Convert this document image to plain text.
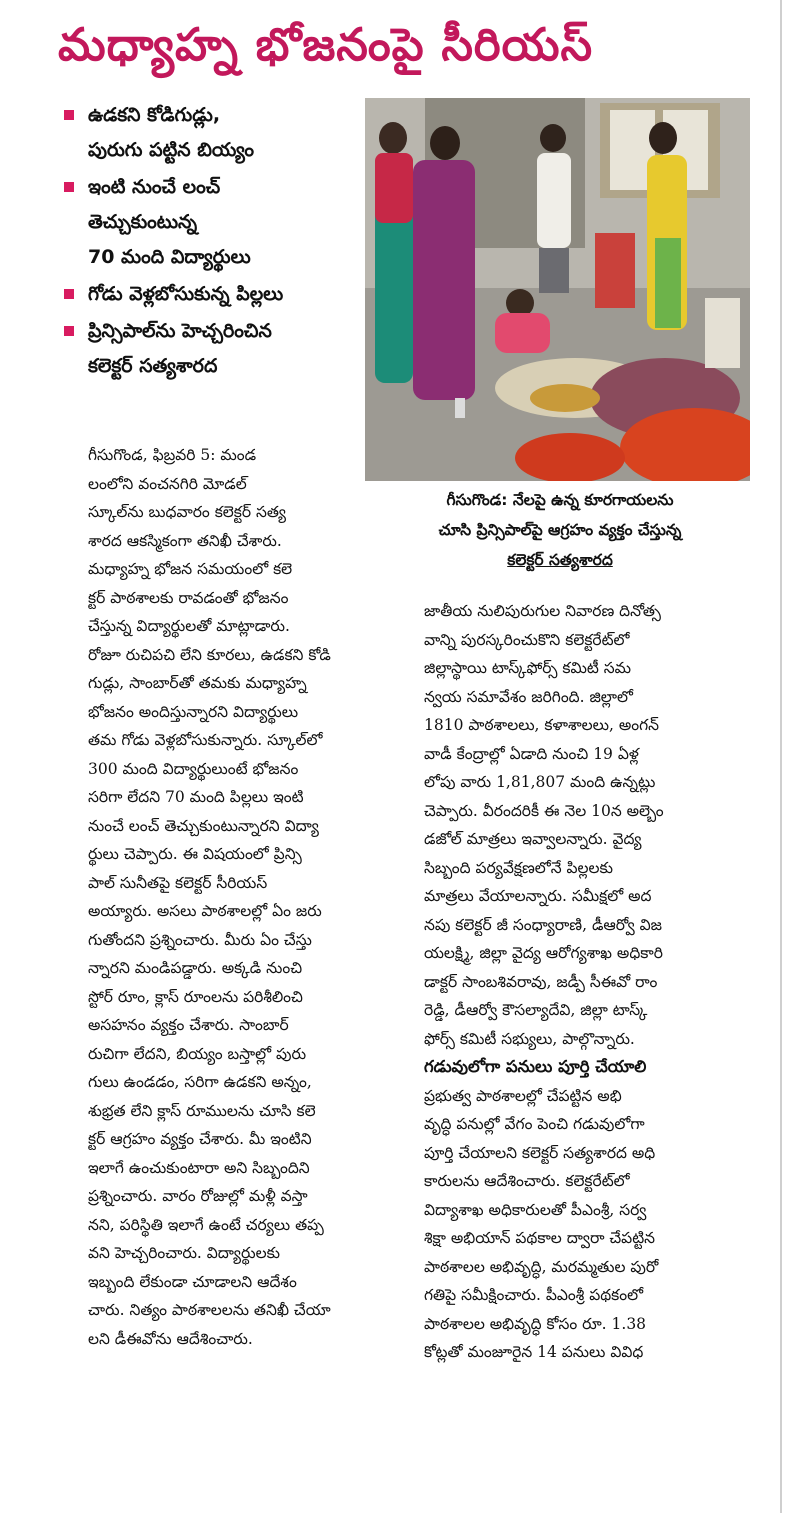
మధ్యాహ్న భోజనంపై సీరియస్‌
ఉడకని కోడిగుడ్లు,
పురుగు పట్టిన బియ్యం
ఇంటి నుంచే లంచ్‌
తెచ్చుకుంటున్న
70 మంది విద్యార్థులు
గోడు వెళ్లబోసుకున్న పిల్లలు
ప్రిన్సిపాల్‌ను హెచ్చరించిన
కలెక్టర్‌ సత్యశారద
గీసుగొండ: నేలపై ఉన్న కూరగాయలను
చూసి ప్రిన్సిపాల్‌పై ఆగ్రహం వ్యక్తం చేస్తున్న
కలెక్టర్‌ సత్యశారద
గీసుగొండ, ఫిబ్రవరి 5: మండ
లంలోని వంచనగిరి మోడల్‌
స్కూల్‌ను బుధవారం కలెక్టర్‌ సత్య
శారద ఆకస్మికంగా తనిఖీ చేశారు.
మధ్యాహ్న భోజన సమయంలో కలె
క్టర్‌ పాఠశాలకు రావడంతో భోజనం
చేస్తున్న విద్యార్థులతో మాట్లాడారు.
రోజూ రుచిపచి లేని కూరలు, ఉడకని కోడి
గుడ్లు, సాంబార్‌తో తమకు మధ్యాహ్న
భోజనం అందిస్తున్నారని విద్యార్థులు
తమ గోడు వెళ్లబోసుకున్నారు. స్కూల్‌లో
300 మంది విద్యార్థులుంటే భోజనం
సరిగా లేదని 70 మంది పిల్లలు ఇంటి
నుంచే లంచ్‌ తెచ్చుకుంటున్నారని విద్యా
ర్థులు చెప్పారు. ఈ విషయంలో ప్రిన్సి
పాల్‌ సునీతపై కలెక్టర్‌ సీరియస్‌
అయ్యారు. అసలు పాఠశాలల్లో ఏం జరు
గుతోందని ప్రశ్నించారు. మీరు ఏం చేస్తు
న్నారని మండిపడ్డారు. అక్కడి నుంచి
స్టోర్‌ రూం, క్లాస్‌ రూంలను పరిశీలించి
అసహనం వ్యక్తం చేశారు. సాంబార్‌
రుచిగా లేదని, బియ్యం బస్తాల్లో పురు
గులు ఉండడం, సరిగా ఉడకని అన్నం,
శుభ్రత లేని క్లాస్‌ రూములను చూసి కలె
క్టర్‌ ఆగ్రహం వ్యక్తం చేశారు. మీ ఇంటిని
ఇలాగే ఉంచుకుంటారా అని సిబ్బందిని
ప్రశ్నించారు. వారం రోజుల్లో మళ్లీ వస్తా
నని, పరిస్థితి ఇలాగే ఉంటే చర్యలు తప్ప
వని హెచ్చరించారు. విద్యార్థులకు
ఇబ్బంది లేకుండా చూడాలని ఆదేశం
చారు. నిత్యం పాఠశాలలను తనిఖీ చేయా
లని డీఈవోను ఆదేశించారు.
జాతీయ నులిపురుగుల నివారణ దినోత్స
వాన్ని పురస్కరించుకొని కలెక్టరేట్‌లో
జిల్లాస్థాయి టాస్క్‌ఫోర్స్‌ కమిటీ సమ
న్వయ సమావేశం జరిగింది. జిల్లాలో
1810 పాఠశాలలు, కళాశాలలు, అంగన్‌
వాడీ కేంద్రాల్లో ఏడాది నుంచి 19 ఏళ్ల
లోపు వారు 1,81,807 మంది ఉన్నట్లు
చెప్పారు. వీరందరికీ ఈ నెల 10న అల్బెం
డజోల్‌ మాత్రలు ఇవ్వాలన్నారు. వైద్య
సిబ్బంది పర్యవేక్షణలోనే పిల్లలకు
మాత్రలు వేయాలన్నారు. సమీక్షలో అద
నపు కలెక్టర్‌ జీ సంధ్యారాణి, డీఆర్వో విజ
యలక్ష్మి, జిల్లా వైద్య ఆరోగ్యశాఖ అధికారి
డాక్టర్‌ సాంబశివరావు, జడ్పీ సీఈవో రాం
రెడ్డి, డీఆర్వో కౌసల్యాదేవి, జిల్లా టాస్క్‌
ఫోర్స్‌ కమిటీ సభ్యులు, పాల్గొన్నారు.
గడువులోగా పనులు పూర్తి చేయాలి
ప్రభుత్వ పాఠశాలల్లో చేపట్టిన అభి
వృద్ధి పనుల్లో వేగం పెంచి గడువులోగా
పూర్తి చేయాలని కలెక్టర్‌ సత్యశారద అధి
కారులను ఆదేశించారు. కలెక్టరేట్‌లో
విద్యాశాఖ అధికారులతో పీఎంశ్రీ, సర్వ
శిక్షా అభియాన్‌ పథకాల ద్వారా చేపట్టిన
పాఠశాలల అభివృద్ధి, మరమ్మతుల పురో
గతిపై సమీక్షించారు. పీఎంశ్రీ పథకంలో
పాఠశాలల అభివృద్ధి కోసం రూ. 1.38
కోట్లతో మంజూరైన 14 పనులు వివిధ
